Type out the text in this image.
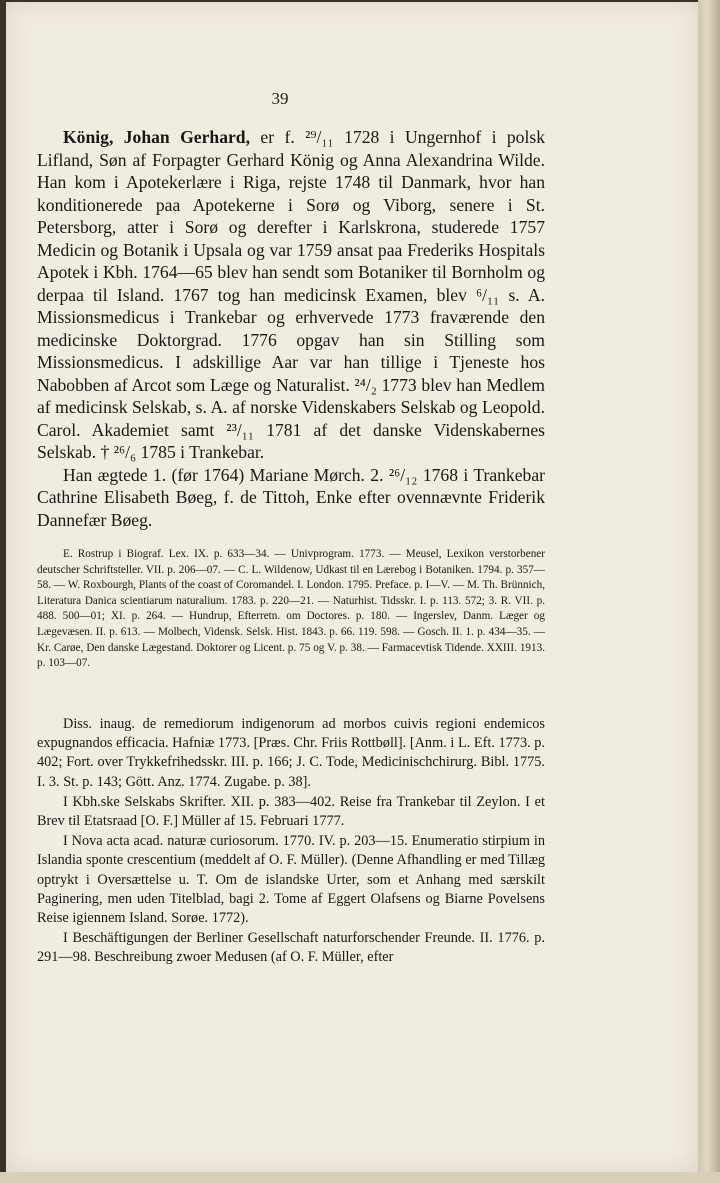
39

König, Johan Gerhard, er f. ²⁹/₁₁ 1728 i Ungernhof i polsk Lifland, Søn af Forpagter Gerhard König og Anna Alexandrina Wilde. Han kom i Apotekerlære i Riga, rejste 1748 til Danmark, hvor han konditionerede paa Apotekerne i Sorø og Viborg, senere i St. Petersborg, atter i Sorø og derefter i Karlskrona, studerede 1757 Medicin og Botanik i Upsala og var 1759 ansat paa Frederiks Hospitals Apotek i Kbh. 1764—65 blev han sendt som Botaniker til Bornholm og derpaa til Island. 1767 tog han medicinsk Examen, blev ⁶/₁₁ s. A. Missionsmedicus i Trankebar og erhvervede 1773 fraværende den medicinske Doktorgrad. 1776 opgav han sin Stilling som Missionsmedicus. I adskillige Aar var han tillige i Tjeneste hos Nabobben af Arcot som Læge og Naturalist. ²⁴/₂ 1773 blev han Medlem af medicinsk Selskab, s. A. af norske Videnskabers Selskab og Leopold. Carol. Akademiet samt ²³/₁₁ 1781 af det danske Videnskabernes Selskab. † ²⁶/₆ 1785 i Trankebar.

Han ægtede 1. (før 1764) Mariane Mørch. 2. ²⁶/₁₂ 1768 i Trankebar Cathrine Elisabeth Bøeg, f. de Tittoh, Enke efter ovennævnte Friderik Dannefær Bøeg.

E. Rostrup i Biograf. Lex. IX. p. 633—34. — Univprogram. 1773. — Meusel, Lexikon verstorbener deutscher Schriftsteller. VII. p. 206—07. — C. L. Wildenow, Udkast til en Lærebog i Botaniken. 1794. p. 357—58. — W. Roxbourgh, Plants of the coast of Coromandel. I. London. 1795. Preface. p. I—V. — M. Th. Brünnich, Literatura Danica scientiarum naturalium. 1783. p. 220—21. — Naturhist. Tidsskr. I. p. 113. 572; 3. R. VII. p. 488. 500—01; XI. p. 264. — Hundrup, Efterretn. om Doctores. p. 180. — Ingerslev, Danm. Læger og Lægevæsen. II. p. 613. — Molbech, Vidensk. Selsk. Hist. 1843. p. 66. 119. 598. — Gosch. II. 1. p. 434—35. — Kr. Carøe, Den danske Lægestand. Doktorer og Licent. p. 75 og V. p. 38. — Farmacevtisk Tidende. XXIII. 1913. p. 103—07.

Diss. inaug. de remediorum indigenorum ad morbos cuivis regioni endemicos expugnandos efficacia. Hafniæ 1773. [Præs. Chr. Friis Rottbøll]. [Anm. i L. Eft. 1773. p. 402; Fort. over Trykkefrihedsskr. III. p. 166; J. C. Tode, Medicinischchirurg. Bibl. 1775. I. 3. St. p. 143; Gött. Anz. 1774. Zugabe. p. 38].

I Kbh.ske Selskabs Skrifter. XII. p. 383—402. Reise fra Trankebar til Zeylon. I et Brev til Etatsraad [O. F.] Müller af 15. Februari 1777.

I Nova acta acad. naturæ curiosorum. 1770. IV. p. 203—15. Enumeratio stirpium in Islandia sponte crescentium (meddelt af O. F. Müller). (Denne Afhandling er med Tillæg optrykt i Oversættelse u. T. Om de islandske Urter, som et Anhang med særskilt Paginering, men uden Titelblad, bagi 2. Tome af Eggert Olafsens og Biarne Povelsens Reise igiennem Island. Sorøe. 1772).

I Beschäftigungen der Berliner Gesellschaft naturforschender Freunde. II. 1776. p. 291—98. Beschreibung zwoer Medusen (af O. F. Müller, efter
